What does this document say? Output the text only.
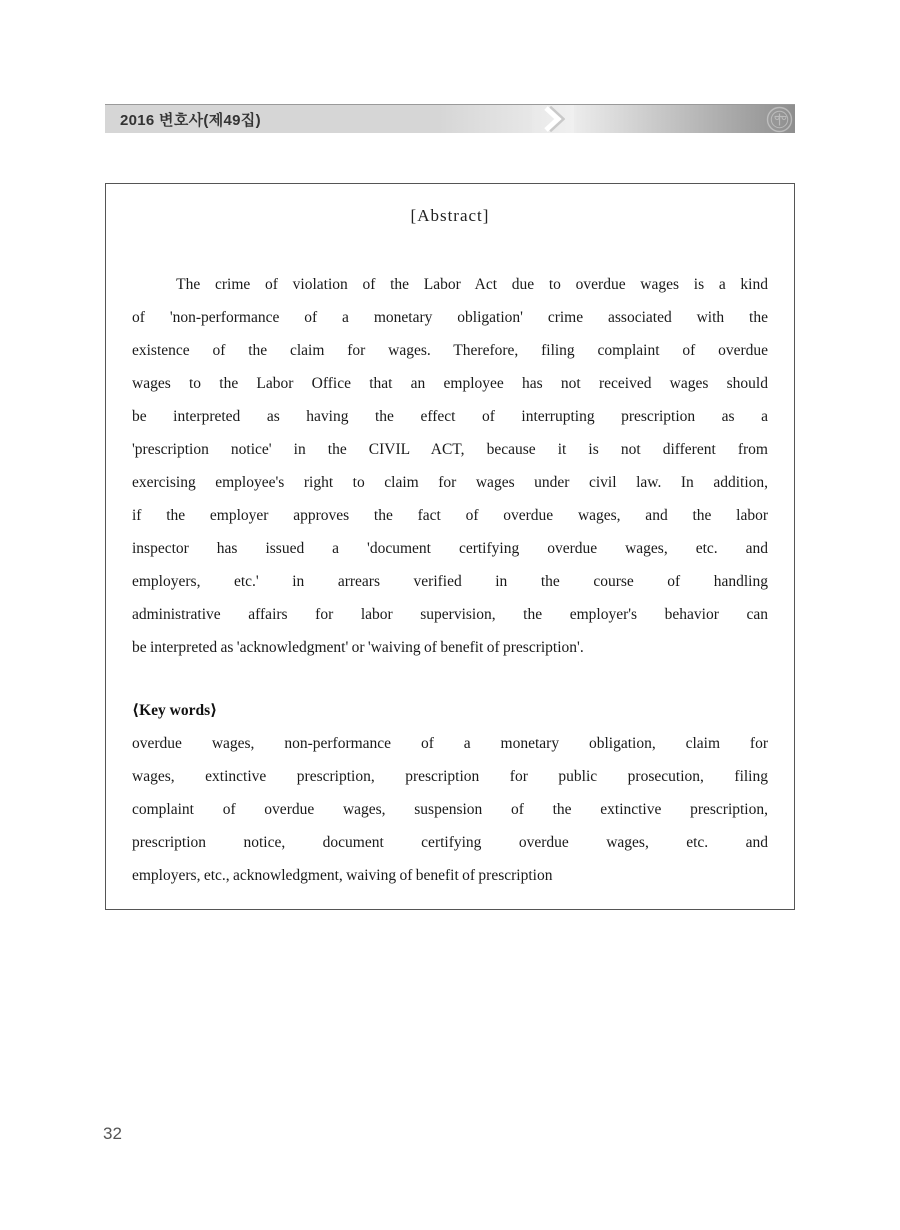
2016 변호사(제49집)
[Abstract]
The crime of violation of the Labor Act due to overdue wages is a kind
of 'non-performance of a monetary obligation' crime associated with the
existence of the claim for wages. Therefore, filing complaint of overdue
wages to the Labor Office that an employee has not received wages should
be interpreted as having the effect of interrupting prescription as a
'prescription notice' in the CIVIL ACT, because it is not different from
exercising employee's right to claim for wages under civil law. In addition,
if the employer approves the fact of overdue wages, and the labor
inspector has issued a 'document certifying overdue wages, etc. and
employers, etc.' in arrears verified in the course of handling
administrative affairs for labor supervision, the employer's behavior can
be interpreted as 'acknowledgment' or 'waiving of benefit of prescription'.
⟨Key words⟩
overdue wages, non-performance of a monetary obligation, claim for
wages, extinctive prescription, prescription for public prosecution, filing
complaint of overdue wages, suspension of the extinctive prescription,
prescription notice, document certifying overdue wages, etc. and
employers, etc., acknowledgment, waiving of benefit of prescription
32
